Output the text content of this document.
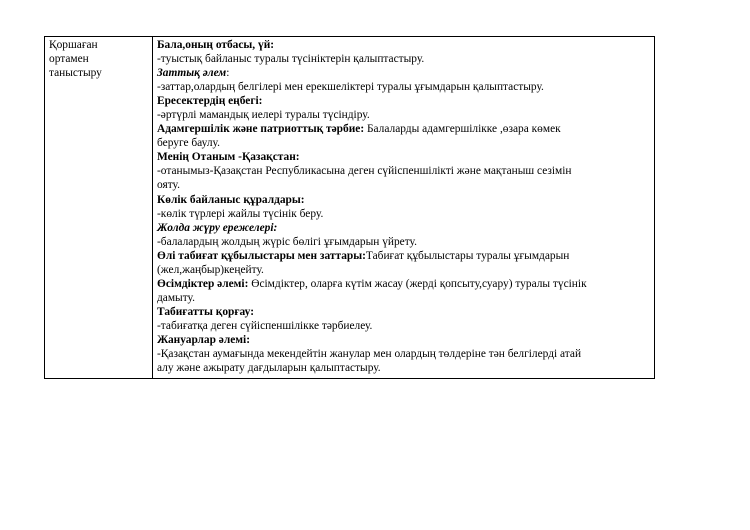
Қоршаған
ортамен
таныстыру

Бала,оның отбасы, үй:
-туыстық байланыс туралы түсініктерін қалыптастыру.
Заттық әлем:
-заттар,олардың белгілері мен ерекшеліктері туралы ұғымдарын қалыптастыру.
Ересектердің еңбегі:
-әртүрлі мамандық иелері туралы түсіндіру.
Адамгершілік және патриоттық тәрбие: Балаларды адамгершілікке ,өзара көмек
беруге баулу.
Менің Отаным -Қазақстан:
-отанымыз-Қазақстан Республикасына деген сүйіспеншілікті және мақтаныш сезімін
ояту.
Көлік байланыс құралдары:
-көлік түрлері жайлы түсінік беру.
Жолда жүру ережелері:
-балалардың жолдың жүріс бөлігі ұғымдарын үйрету.
Өлі табиғат құбылыстары мен заттары:Табиғат құбылыстары туралы ұғымдарын
(жел,жаңбыр)кеңейту.
Өсімдіктер әлемі: Өсімдіктер, оларға күтім жасау (жерді қопсыту,суару) туралы түсінік
дамыту.
Табиғатты қорғау:
-табиғатқа деген сүйіспеншілікке тәрбиелеу.
Жануарлар әлемі:
-Қазақстан аумағында мекендейтін жанулар мен олардың төлдеріне тән белгілерді атай
алу және ажырату дағдыларын қалыптастыру.
